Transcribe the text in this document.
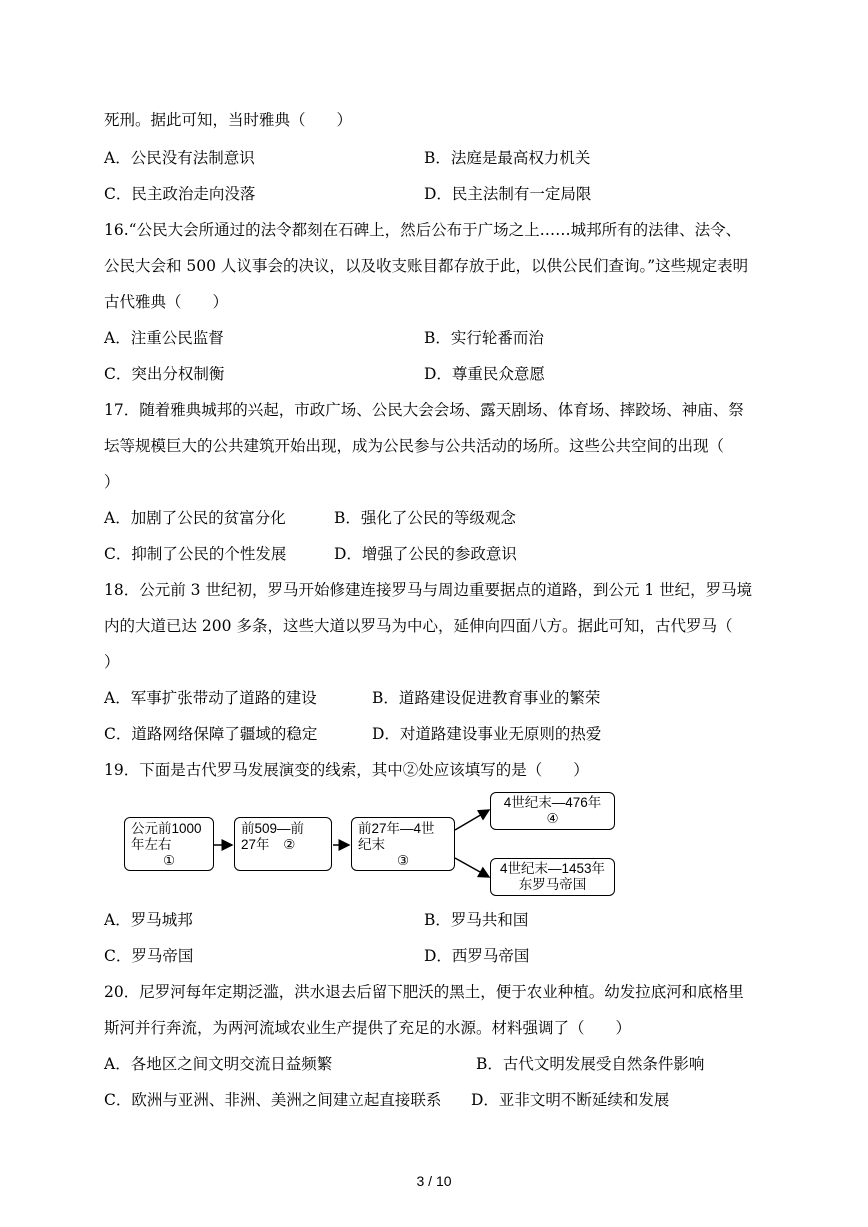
死刑。据此可知，当时雅典（　　）
A．公民没有法制意识	B．法庭是最高权力机关
C．民主政治走向没落	D．民主法制有一定局限
16.“公民大会所通过的法令都刻在石碑上，然后公布于广场之上……城邦所有的法律、法令、
公民大会和 500 人议事会的决议，以及收支账目都存放于此，以供公民们查询。”这些规定表明
古代雅典（　　）
A．注重公民监督	B．实行轮番而治
C．突出分权制衡	D．尊重民众意愿
17．随着雅典城邦的兴起，市政广场、公民大会会场、露天剧场、体育场、摔跤场、神庙、祭
坛等规模巨大的公共建筑开始出现，成为公民参与公共活动的场所。这些公共空间的出现（
）
A．加剧了公民的贫富分化	B．强化了公民的等级观念
C．抑制了公民的个性发展	D．增强了公民的参政意识
18．公元前 3 世纪初，罗马开始修建连接罗马与周边重要据点的道路，到公元 1 世纪，罗马境
内的大道已达 200 多条，这些大道以罗马为中心，延伸向四面八方。据此可知，古代罗马（
）
A．军事扩张带动了道路的建设	B．道路建设促进教育事业的繁荣
C．道路网络保障了疆域的稳定	D．对道路建设事业无原则的热爱
19．下面是古代罗马发展演变的线索，其中②处应该填写的是（　　）
公元前1000
年左右

①
前509—前
27年 ②
前27年—4世
纪末

③
4世纪末—476年
④
4世纪末—1453年
东罗马帝国
A．罗马城邦	B．罗马共和国
C．罗马帝国	D．西罗马帝国
20．尼罗河每年定期泛滥，洪水退去后留下肥沃的黑土，便于农业种植。幼发拉底河和底格里
斯河并行奔流，为两河流域农业生产提供了充足的水源。材料强调了（　　）
A．各地区之间文明交流日益频繁	B．古代文明发展受自然条件影响
C．欧洲与亚洲、非洲、美洲之间建立起直接联系 D．亚非文明不断延续和发展
3 / 10
